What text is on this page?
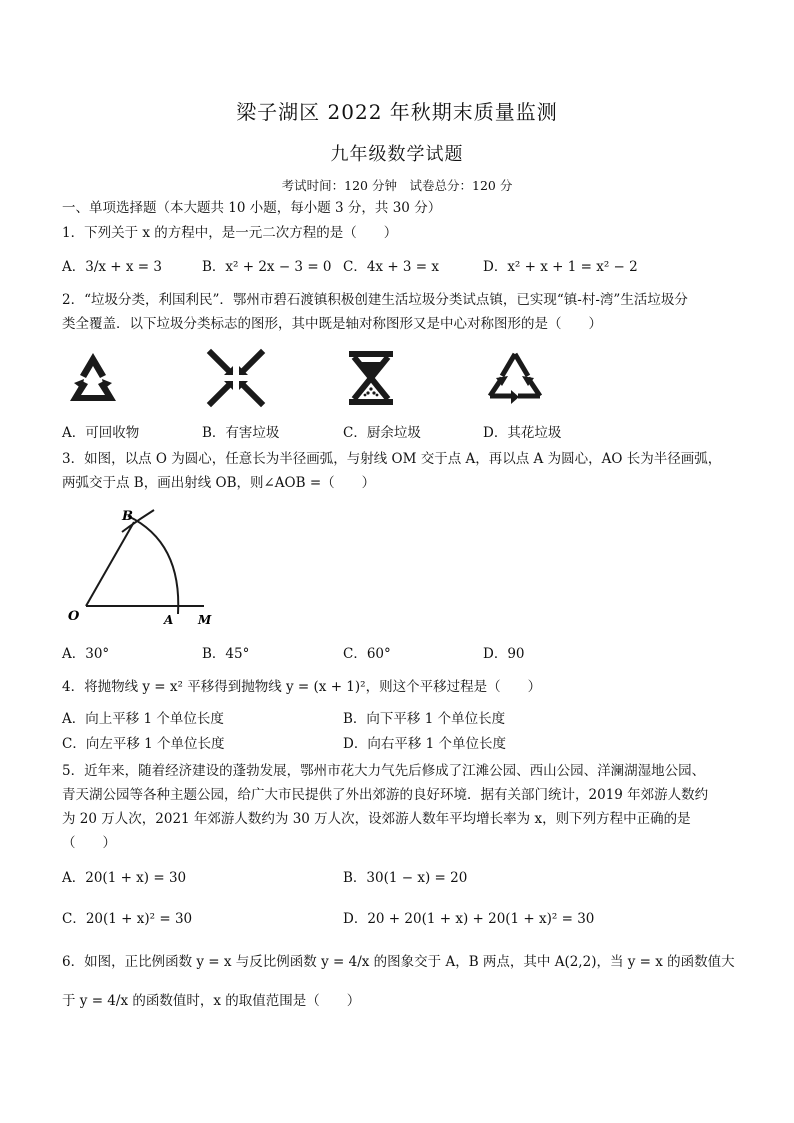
梁子湖区 2022 年秋期末质量监测
九年级数学试题
考试时间：120 分钟　试卷总分：120 分
一、单项选择题（本大题共 10 小题，每小题 3 分，共 30 分）
1．下列关于 x 的方程中，是一元二次方程的是（　　）
A．3/x + x = 3	B．x² + 2x − 3 = 0 C．4x + 3 = x	D．x² + x + 1 = x² − 2
2．“垃圾分类，利国利民”．鄂州市碧石渡镇积极创建生活垃圾分类试点镇，已实现“镇-村-湾”生活垃圾分
类全覆盖．以下垃圾分类标志的图形，其中既是轴对称图形又是中心对称图形的是（　　）
A．可回收物	B．有害垃圾	C．厨余垃圾	D．其花垃圾
3．如图，以点 O 为圆心，任意长为半径画弧，与射线 OM 交于点 A，再以点 A 为圆心，AO 长为半径画弧，
两弧交于点 B，画出射线 OB，则∠AOB =（　　）
B
O	A M
A．30°	B．45°	C．60°	D．90
4．将抛物线 y = x² 平移得到抛物线 y = (x + 1)²，则这个平移过程是（　　）
A．向上平移 1 个单位长度	B．向下平移 1 个单位长度
C．向左平移 1 个单位长度	D．向右平移 1 个单位长度
5．近年来，随着经济建设的蓬勃发展，鄂州市花大力气先后修成了江滩公园、西山公园、洋澜湖湿地公园、
青天湖公园等各种主题公园，给广大市民提供了外出郊游的良好环境．据有关部门统计，2019 年郊游人数约
为 20 万人次，2021 年郊游人数约为 30 万人次，设郊游人数年平均增长率为 x，则下列方程中正确的是
（　　）
A．20(1 + x) = 30	B．30(1 − x) = 20
C．20(1 + x)² = 30	D．20 + 20(1 + x) + 20(1 + x)² = 30
6．如图，正比例函数 y = x 与反比例函数 y = 4/x 的图象交于 A，B 两点，其中 A(2,2)，当 y = x 的函数值大
于 y = 4/x 的函数值时，x 的取值范围是（　　）
